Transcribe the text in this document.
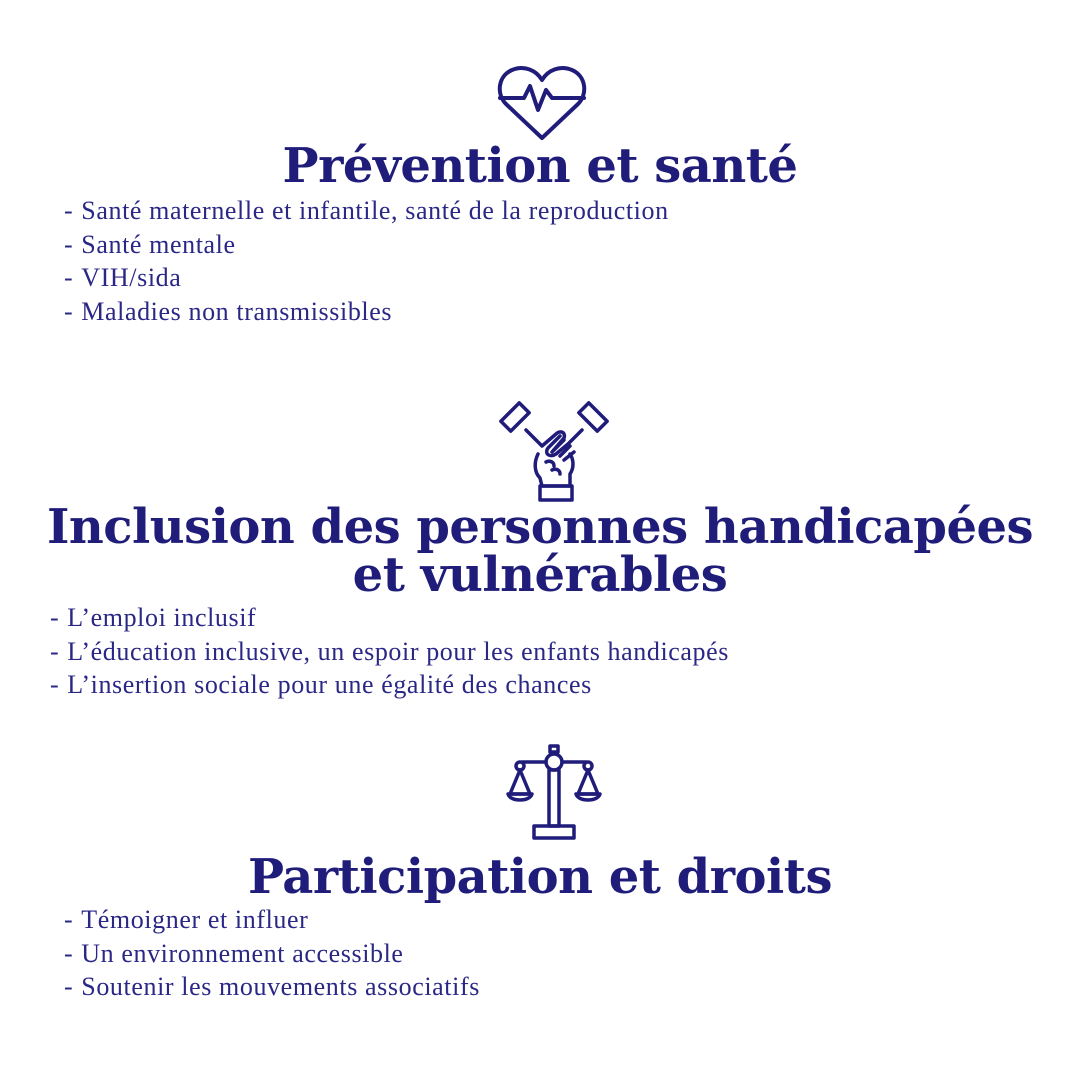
Prévention et santé
- Santé maternelle et infantile, santé de la reproduction
- Santé mentale
- VIH/sida
- Maladies non transmissibles
Inclusion des personnes handicapées
et vulnérables
- L’emploi inclusif
- L’éducation inclusive, un espoir pour les enfants handicapés
- L’insertion sociale pour une égalité des chances
Participation et droits
- Témoigner et influer
- Un environnement accessible
- Soutenir les mouvements associatifs
